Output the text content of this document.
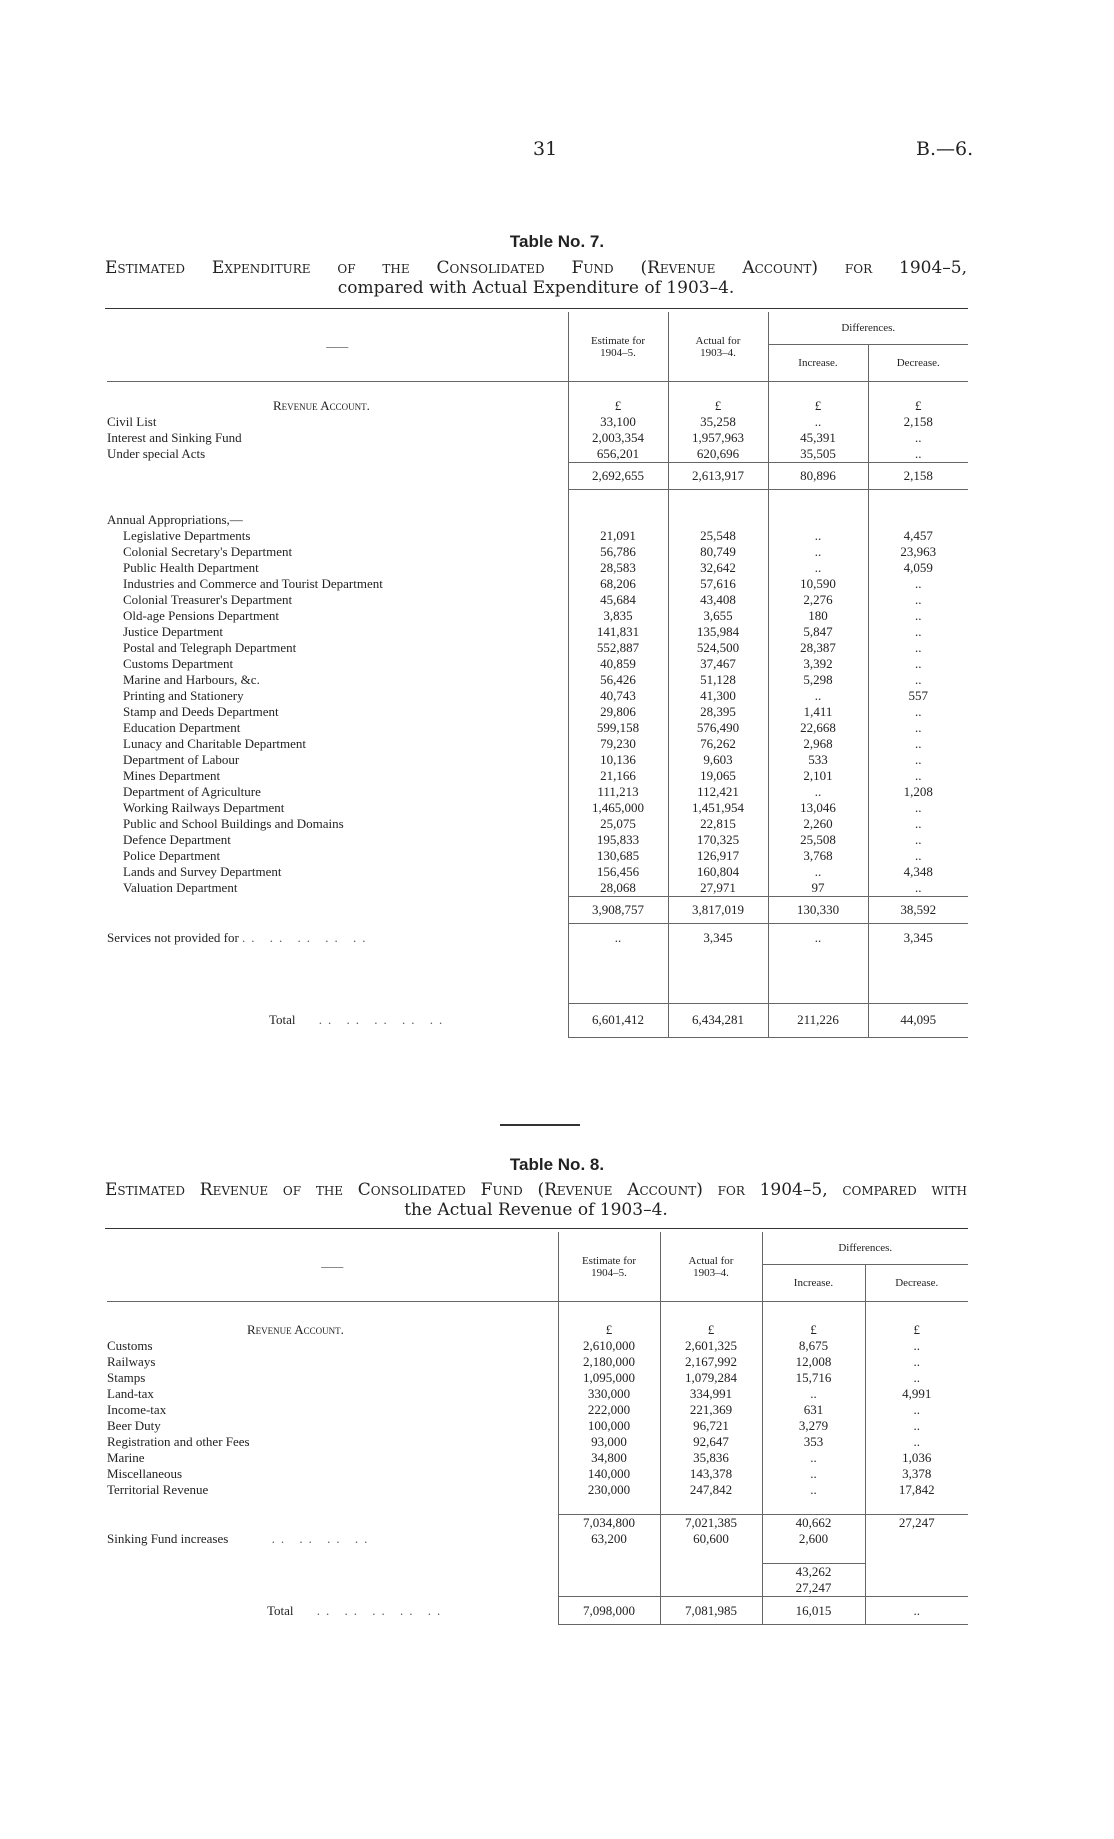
31	B.—6.
Table No. 7.
Estimated Expenditure of the Consolidated Fund (Revenue Account) for 1904–5,
compared with Actual Expenditure of 1903–4.
——	Estimate for 1904–5.	Actual for 1903–4.	Differences.	
			Increase.	Decrease.

Revenue Account.	£	£	£	£
Civil List	33,100	35,258	..	2,158
Interest and Sinking Fund	2,003,354	1,957,963	45,391	..
Under special Acts	656,201	620,696	35,505	..
	2,692,655	2,613,917	80,896	2,158

Annual Appropriations,—				
Legislative Departments	21,091	25,548	..	4,457
Colonial Secretary's Department	56,786	80,749	..	23,963
Public Health Department	28,583	32,642	..	4,059
Industries and Commerce and Tourist Department	68,206	57,616	10,590	..
Colonial Treasurer's Department	45,684	43,408	2,276	..
Old-age Pensions Department	3,835	3,655	180	..
Justice Department	141,831	135,984	5,847	..
Postal and Telegraph Department	552,887	524,500	28,387	..
Customs Department	40,859	37,467	3,392	..
Marine and Harbours, &c.	56,426	51,128	5,298	..
Printing and Stationery	40,743	41,300	..	557
Stamp and Deeds Department	29,806	28,395	1,411	..
Education Department	599,158	576,490	22,668	..
Lunacy and Charitable Department	79,230	76,262	2,968	..
Department of Labour	10,136	9,603	533	..
Mines Department	21,166	19,065	2,101	..
Department of Agriculture	111,213	112,421	..	1,208
Working Railways Department	1,465,000	1,451,954	13,046	..
Public and School Buildings and Domains	25,075	22,815	2,260	..
Defence Department	195,833	170,325	25,508	..
Police Department	130,685	126,917	3,768	..
Lands and Survey Department	156,456	160,804	..	4,348
Valuation Department	28,068	27,971	97	..
	3,908,757	3,817,019	130,330	38,592
Services not provided for .. .. .. .. ..	..	3,345	..	3,345

Total .. .. .. .. ..	6,601,412	6,434,281	211,226	44,095
Table No. 8.
Estimated Revenue of the Consolidated Fund (Revenue Account) for 1904–5, compared with
the Actual Revenue of 1903–4.
——	Estimate for 1904–5.	Actual for 1903–4.	Differences.	
			Increase.	Decrease.

Revenue Account.	£	£	£	£
Customs	2,610,000	2,601,325	8,675	..
Railways	2,180,000	2,167,992	12,008	..
Stamps	1,095,000	1,079,284	15,716	..
Land-tax	330,000	334,991	..	4,991
Income-tax	222,000	221,369	631	..
Beer Duty	100,000	96,721	3,279	..
Registration and other Fees	93,000	92,647	353	..
Marine	34,800	35,836	..	1,036
Miscellaneous	140,000	143,378	..	3,378
Territorial Revenue	230,000	247,842	..	17,842

	7,034,800	7,021,385	40,662	27,247
Sinking Fund increases .. .. .. ..	63,200	60,600	2,600	

			43,262	
			27,247	
Total .. .. .. .. ..	7,098,000	7,081,985	16,015	..
